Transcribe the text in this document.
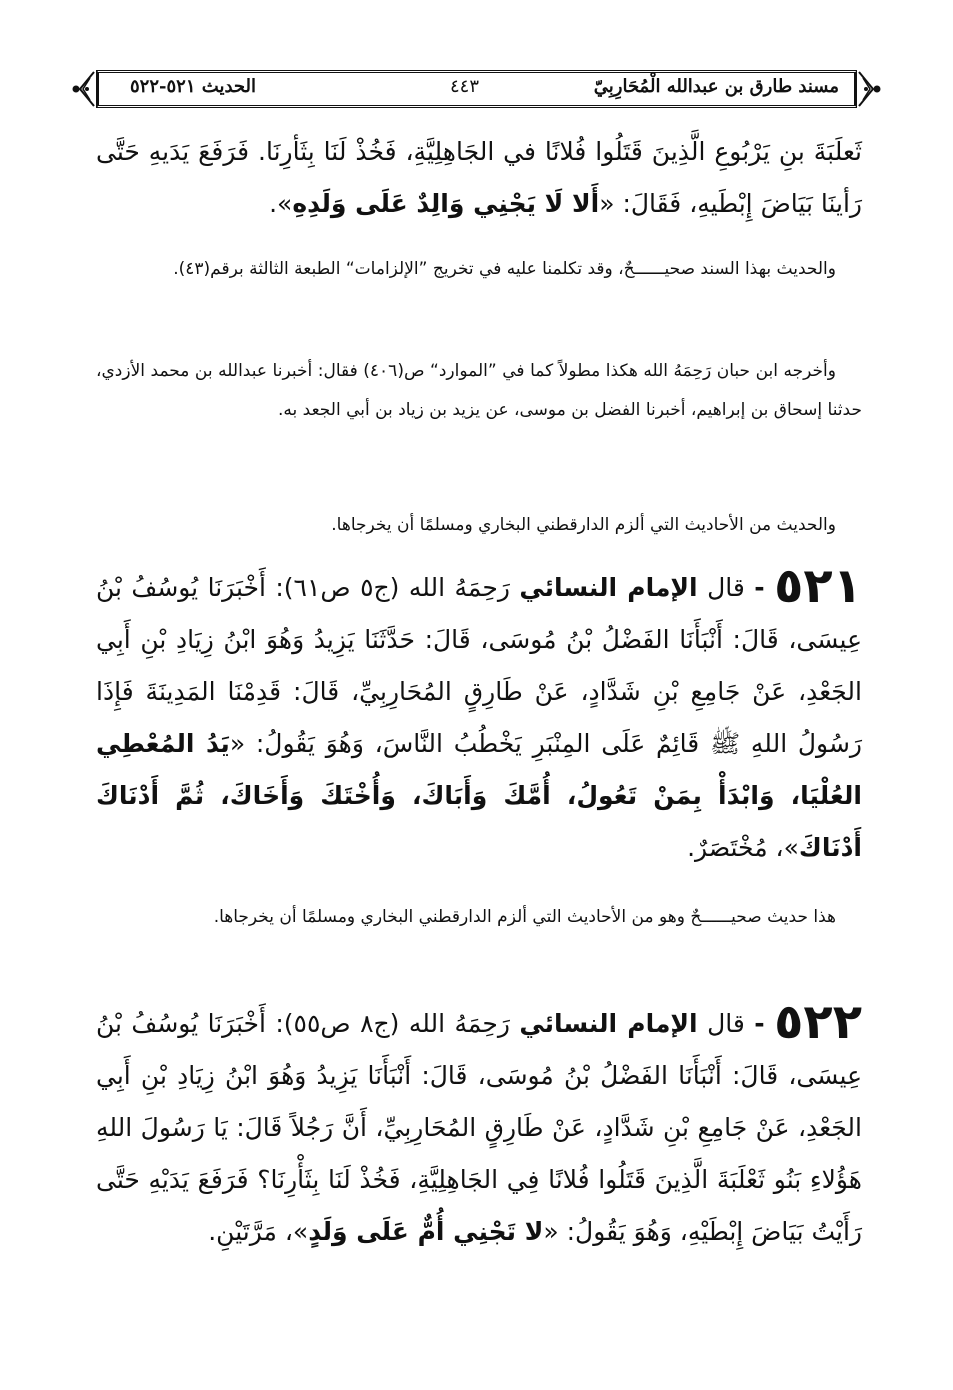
مسند طارق بن عبدالله الْمُحَارِبِيّ
٤٤٣
الحديث ٥٢١-٥٢٢
ثَعلَبَةَ بنِ يَرْبُوعِ الَّذِينَ قَتَلُوا فُلانًا في الجَاهِلِيَّةِ، فَخُذْ لَنَا بِثَأرِنَا. فَرَفَعَ يَدَيهِ حَتَّى رَأينَا بَيَاضَ إِبْطَيهِ، فَقَالَ: «أَلا لَا يَجْنِي وَالِدٌ عَلَى وَلَدِهِ».
والحديث بهذا السند صحيــــــحٌ، وقد تكلمنا عليه في تخريج ”الإلزامات“ الطبعة الثالثة برقم(٤٣).
وأخرجه ابن حبان رَحِمَهُ الله هكذا مطولاً كما في ”الموارد“ ص(٤٠٦) فقال: أخبرنا عبدالله بن محمد الأزدي، حدثنا إسحاق بن إبراهيم، أخبرنا الفضل بن موسى، عن يزيد بن زياد بن أبي الجعد به.
والحديث من الأحاديث التي ألزم الدارقطني البخاري ومسلمًا أن يخرجاها.
٥٢١ - قال الإمام النسائي رَحِمَهُ الله (ج٥ ص٦١): أَخْبَرَنَا يُوسُفُ بْنُ عِيسَى، قَالَ: أَنْبَأَنَا الفَضْلُ بْنُ مُوسَى، قَالَ: حَدَّثَنَا يَزِيدُ وَهُوَ ابْنُ زِيَادِ بْنِ أَبِي الجَعْدِ، عَنْ جَامِعِ بْنِ شَدَّادٍ، عَنْ طَارِقٍ المُحَارِبِيِّ، قَالَ: قَدِمْنَا المَدِينَةَ فَإِذَا رَسُولُ اللهِ ﷺ قَائِمٌ عَلَى المِنْبَرِ يَخْطُبُ النَّاسَ، وَهُوَ يَقُولُ: «يَدُ المُعْطِي العُلْيَا، وَابْدَأْ بِمَنْ تَعُولُ، أُمَّكَ وَأَبَاكَ، وَأُخْتَكَ وَأَخَاكَ، ثُمَّ أَدْنَاكَ أَدْنَاكَ»، مُخْتَصَرٌ.
هذا حديث صحيــــــحٌ وهو من الأحاديث التي ألزم الدارقطني البخاري ومسلمًا أن يخرجاها.
٥٢٢ - قال الإمام النسائي رَحِمَهُ الله (ج٨ ص٥٥): أَخْبَرَنَا يُوسُفُ بْنُ عِيسَى، قَالَ: أَنْبَأَنَا الفَضْلُ بْنُ مُوسَى، قَالَ: أَنْبَأَنَا يَزِيدُ وَهُوَ ابْنُ زِيَادِ بْنِ أَبِي الجَعْدِ، عَنْ جَامِعِ بْنِ شَدَّادٍ، عَنْ طَارِقٍ المُحَارِبِيِّ، أَنَّ رَجُلاً قَالَ: يَا رَسُولَ اللهِ هَؤُلاءِ بَنُو ثَعْلَبَةَ الَّذِينَ قَتَلُوا فُلانًا فِي الجَاهِلِيَّةِ، فَخُذْ لَنَا بِثَأْرِنَا؟ فَرَفَعَ يَدَيْهِ حَتَّى رَأَيْتُ بَيَاضَ إِبْطَيْهِ، وَهُوَ يَقُولُ: «لا تَجْنِي أُمٌّ عَلَى وَلَدٍ»، مَرَّتَيْنِ.
